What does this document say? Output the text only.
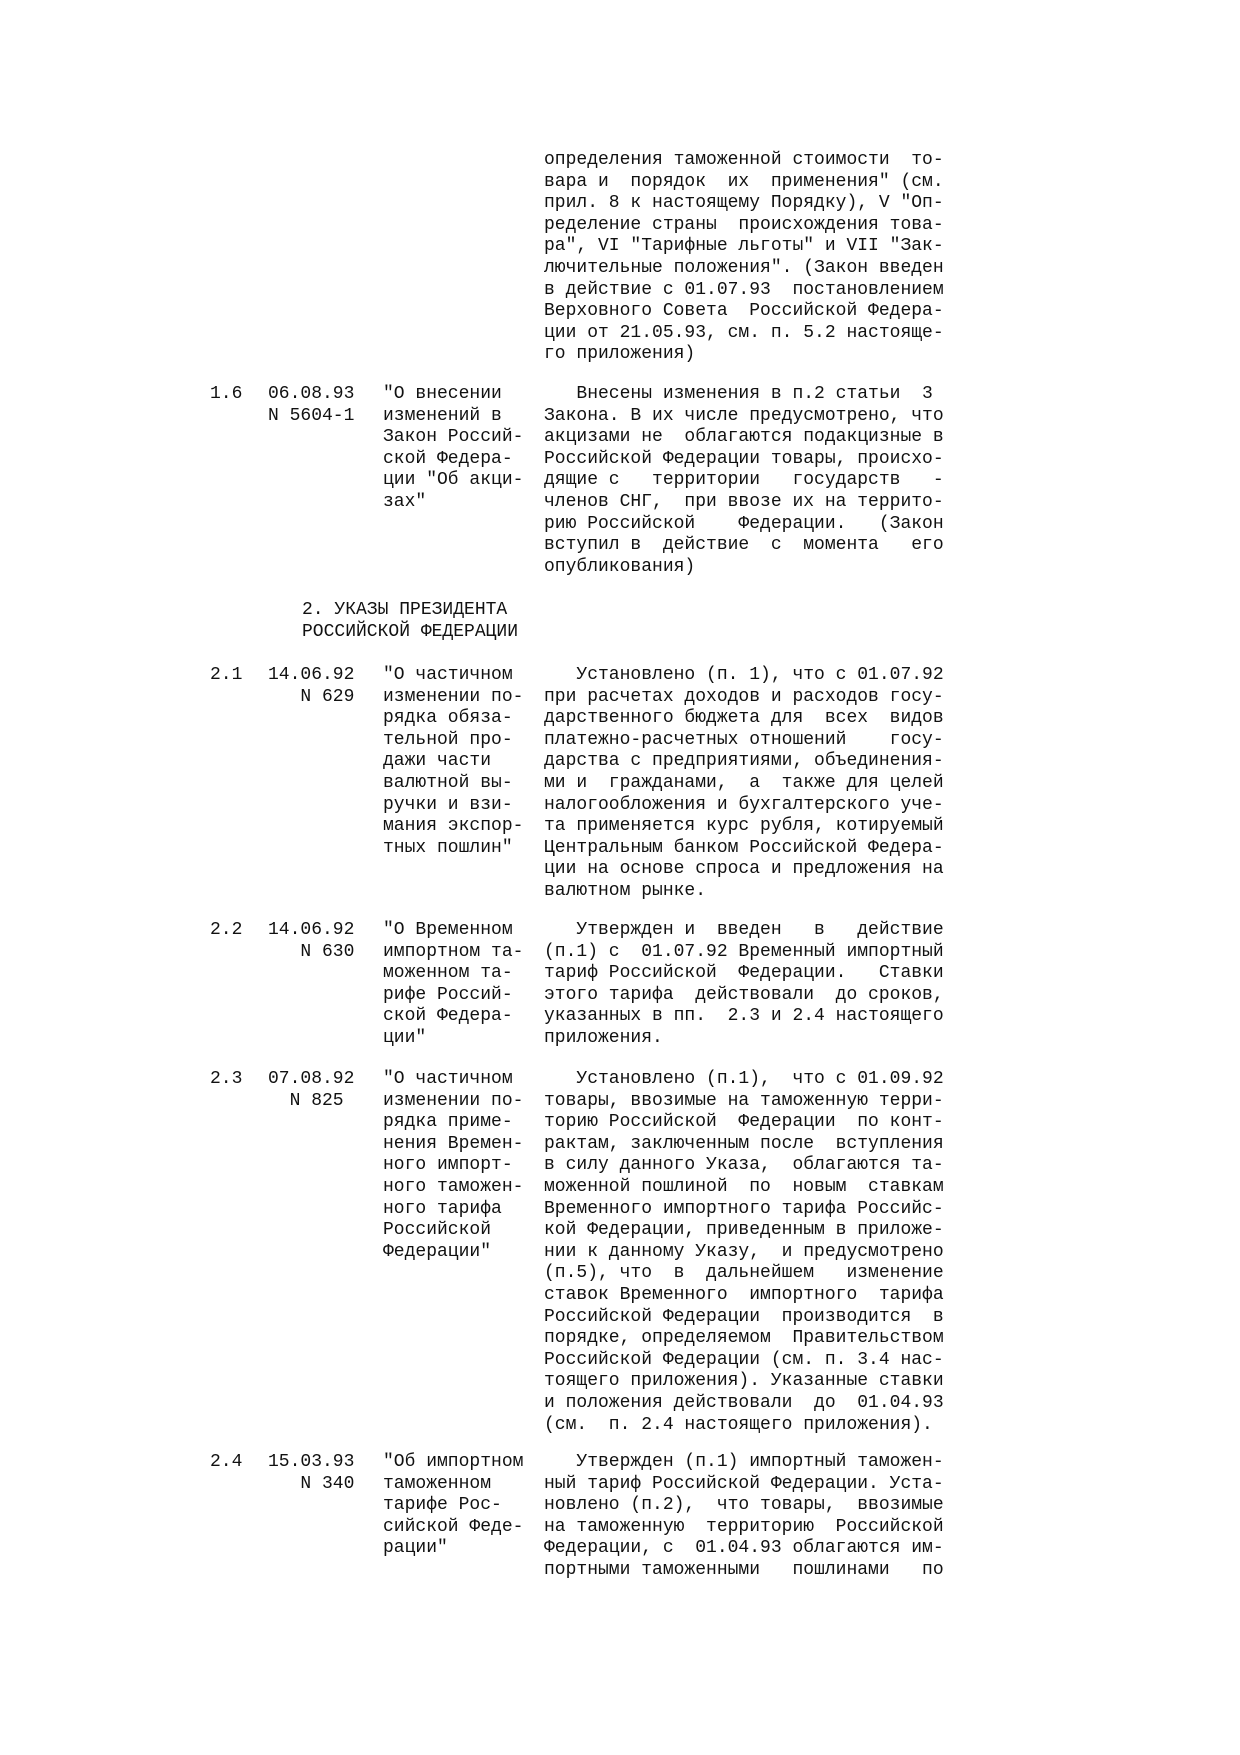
определения таможенной стоимости  то-
вара и  порядок  их  применения" (см.
прил. 8 к настоящему Порядку), V "Оп-
ределение страны  происхождения това-
ра", VI "Тарифные льготы" и VII "Зак-
лючительные положения". (Закон введен
в действие с 01.07.93  постановлением
Верховного Совета  Российской Федера-
ции от 21.05.93, см. п. 5.2 настояще-
го приложения)
1.6 06.08.93
N 5604-1
"О внесении
изменений в
Закон Россий-
ской Федера-
ции "Об акци-
зах"
Внесены изменения в п.2 статьи  3
Закона. В их числе предусмотрено, что
акцизами не  облагаются подакцизные в
Российской Федерации товары, происхо-
дящие с   территории   государств   -
членов СНГ,  при ввозе их на террито-
рию Российской    Федерации.   (Закон
вступил в  действие  с  момента   его
опубликования)
2. УКАЗЫ ПРЕЗИДЕНТА
РОССИЙСКОЙ ФЕДЕРАЦИИ
2.1 14.06.92
N 629
"О частичном
изменении по-
рядка обяза-
тельной про-
дажи части
валютной вы-
ручки и взи-
мания экспор-
тных пошлин"
Установлено (п. 1), что с 01.07.92
при расчетах доходов и расходов госу-
дарственного бюджета для  всех  видов
платежно-расчетных отношений    госу-
дарства с предприятиями, объединения-
ми и  гражданами,  а  также для целей
налогообложения и бухгалтерского уче-
та применяется курс рубля, котируемый
Центральным банком Российской Федера-
ции на основе спроса и предложения на
валютном рынке.
2.2 14.06.92
N 630
"О Временном
импортном та-
моженном та-
рифе Россий-
ской Федера-
ции"
Утвержден и  введен   в   действие
(п.1) с  01.07.92 Временный импортный
тариф Российской  Федерации.   Ставки
этого тарифа  действовали  до сроков,
указанных в пп.  2.3 и 2.4 настоящего
приложения.
2.3 07.08.92
N 825
"О частичном
изменении по-
рядка приме-
нения Времен-
ного импорт-
ного таможен-
ного тарифа
Российской
Федерации"
Установлено (п.1),  что с 01.09.92
товары, ввозимые на таможенную терри-
торию Российской  Федерации  по конт-
рактам, заключенным после  вступления
в силу данного Указа,  облагаются та-
моженной пошлиной  по  новым  ставкам
Временного импортного тарифа Российс-
кой Федерации, приведенным в приложе-
нии к данному Указу,  и предусмотрено
(п.5), что  в  дальнейшем   изменение
ставок Временного  импортного  тарифа
Российской Федерации  производится  в
порядке, определяемом  Правительством
Российской Федерации (см. п. 3.4 нас-
тоящего приложения). Указанные ставки
и положения действовали  до  01.04.93
(см.  п. 2.4 настоящего приложения).
2.4 15.03.93
N 340
"Об импортном
таможенном
тарифе Рос-
сийской Феде-
рации"
Утвержден (п.1) импортный таможен-
ный тариф Российской Федерации. Уста-
новлено (п.2),  что товары,  ввозимые
на таможенную  территорию  Российской
Федерации, с  01.04.93 облагаются им-
портными таможенными   пошлинами   по
